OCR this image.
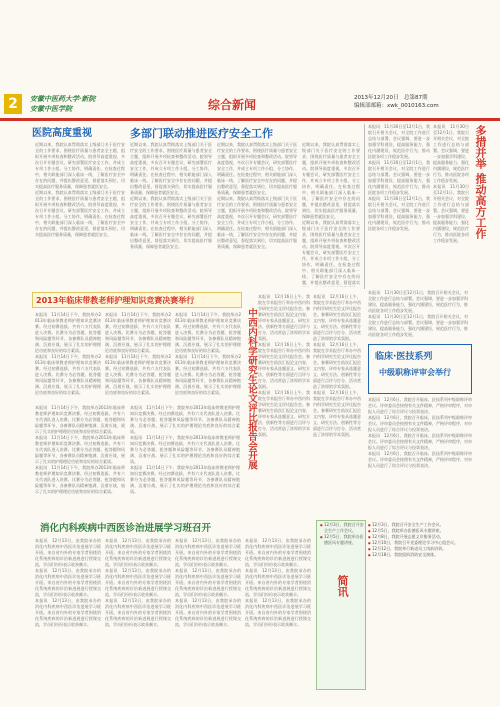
2	安徽中医药大学·新院
安徽中医学院	综合新闻	2013年12月20日　总第87期
编辑部邮箱：xwk_0010163.com
医院高度重视	多部门联动推进医疗安全工作
近期以来，我院认真贯彻落实上级部门关于医疗安全的工作要求，围绕医疗质量与患者安全主题，组织开展多项检查和整改活动。院领导高度重视，多次召开专题会议，研究部署医疗安全工作，并成立专项工作小组，分工协作，明确责任。在检查过程中，相关职能部门深入临床一线，了解医疗安全中存在的问题，并提出整改意见，督促落实到位，切实提高医疗服务质量，保障患者就医安全。
近期以来，我院认真贯彻落实上级部门关于医疗安全的工作要求，围绕医疗质量与患者安全主题，组织开展多项检查和整改活动。院领导高度重视，多次召开专题会议，研究部署医疗安全工作，并成立专项工作小组，分工协作，明确责任。在检查过程中，相关职能部门深入临床一线，了解医疗安全中存在的问题，并提出整改意见，督促落实到位，切实提高医疗服务质量，保障患者就医安全。
近期以来，我院认真贯彻落实上级部门关于医疗安全的工作要求，围绕医疗质量与患者安全主题，组织开展多项检查和整改活动。院领导高度重视，多次召开专题会议，研究部署医疗安全工作，并成立专项工作小组，分工协作，明确责任。在检查过程中，相关职能部门深入临床一线，了解医疗安全中存在的问题，并提出整改意见，督促落实到位，切实提高医疗服务质量，保障患者就医安全。
近期以来，我院认真贯彻落实上级部门关于医疗安全的工作要求，围绕医疗质量与患者安全主题，组织开展多项检查和整改活动。院领导高度重视，多次召开专题会议，研究部署医疗安全工作，并成立专项工作小组，分工协作，明确责任。在检查过程中，相关职能部门深入临床一线，了解医疗安全中存在的问题，并提出整改意见，督促落实到位，切实提高医疗服务质量，保障患者就医安全。
近期以来，我院认真贯彻落实上级部门关于医疗安全的工作要求，围绕医疗质量与患者安全主题，组织开展多项检查和整改活动。院领导高度重视，多次召开专题会议，研究部署医疗安全工作，并成立专项工作小组，分工协作，明确责任。在检查过程中，相关职能部门深入临床一线，了解医疗安全中存在的问题，并提出整改意见，督促落实到位，切实提高医疗服务质量，保障患者就医安全。
近期以来，我院认真贯彻落实上级部门关于医疗安全的工作要求，围绕医疗质量与患者安全主题，组织开展多项检查和整改活动。院领导高度重视，多次召开专题会议，研究部署医疗安全工作，并成立专项工作小组，分工协作，明确责任。在检查过程中，相关职能部门深入临床一线，了解医疗安全中存在的问题，并提出整改意见，督促落实到位，切实提高医疗服务质量，保障患者就医安全。
近期以来，我院认真贯彻落实上级部门关于医疗安全的工作要求，围绕医疗质量与患者安全主题，组织开展多项检查和整改活动。院领导高度重视，多次召开专题会议，研究部署医疗安全工作，并成立专项工作小组，分工协作，明确责任。在检查过程中，相关职能部门深入临床一线，了解医疗安全中存在的问题，并提出整改意见，督促落实到位，切实提高医疗服务质量，保障患者就医安全。
近期以来，我院认真贯彻落实上级部门关于医疗安全的工作要求，围绕医疗质量与患者安全主题，组织开展多项检查和整改活动。院领导高度重视，多次召开专题会议，研究部署医疗安全工作，并成立专项工作小组，分工协作，明确责任。在检查过程中，相关职能部门深入临床一线，了解医疗安全中存在的问题，并提出整改意见，督促落实
本报讯　11月30日至12月1日，我院召开相关会议，对全院工作进行总结与部署。会议强调，要进一步加强学科建设，提高服务能力，强化内涵建设，规范医疗行为，推动医院各项工作稳步发展。
本报讯　11月30日至12月1日，我院召开相关会议，对全院工作进行总结与部署。会议强调，要进一步加强学科建设，提高服务能力，强化内涵建设，规范医疗行为，推动医院各项工作稳步发展。
本报讯　11月30日至12月1日，我院召开相关会议，对全院工作进行总结与部署。会议强调，要进一步加强学科建设，提高服务能力，强化内涵建设，规范医疗行为，推动医院各项工作稳步发展。
本报讯　11月30日至12月1日，我院召开相关会议，对全院工作进行总结与部署。会议强调，要进一步加强学科建设，提高服务能力，强化内涵建设，规范医疗行为，推动医院各项工作稳步发展。
本报讯　11月30日至12月1日，我院召开相关会议，对全院工作进行总结与部署。会议强调，要进一步加强学科建设，提高服务能力，强化内涵建设，规范医疗行为，推动医院各项工作稳步发展。
多措并举 推动高方工作
2013年临床带教老师护理知识竞赛决赛举行
本报讯　11月14日下午，我院举办2013年临床带教老师护理知识竞赛决赛。经过初赛选拔，共有六支代表队进入决赛。比赛分为必答题、抢答题和风险题等环节，各参赛队员精神饱满、沉着应战，展示了扎实的护理理论功底和良好的综合素质。
本报讯　11月14日下午，我院举办2013年临床带教老师护理知识竞赛决赛。经过初赛选拔，共有六支代表队进入决赛。比赛分为必答题、抢答题和风险题等环节，各参赛队员精神饱满、沉着应战，展示了扎实的护理理论功底和良好的综合素质。
本报讯　11月14日下午，我院举办2013年临床带教老师护理知识竞赛决赛。经过初赛选拔，共有六支代表队进入决赛。比赛分为必答题、抢答题和风险题等环节，各参赛队员精神饱满、沉着应战，展示了扎实的护理理论功底和良好的综合素质。
本报讯　11月14日下午，我院举办2013年临床带教老师护理知识竞赛决赛。经过初赛选拔，共有六支代表队进入决赛。比赛分为必答题、抢答题和风险题等环节，各参赛队员精神饱满、沉着应战，展示了扎实的护理理论功底和良好的综合素质。
本报讯　11月14日下午，我院举办2013年临床带教老师护理知识竞赛决赛。经过初赛选拔，共有六支代表队进入决赛。比赛分为必答题、抢答题和风险题等环节，各参赛队员精神饱满、沉着应战，展示了扎实的护理理论功底和良好的综合素质。
本报讯　11月14日下午，我院举办2013年临床带教老师护理知识竞赛决赛。经过初赛选拔，共有六支代表队进入决赛。比赛分为必答题、抢答题和风险题等环节，各参赛队员精神饱满、沉着应战，展示了扎实的护理理论功底和良好的综合素质。
本报讯　11月14日下午，我院举办2013年临床带教老师护理知识竞赛决赛。经过初赛选拔，共有六支代表队进入决赛。比赛分为必答题、抢答题和风险题等环节，各参赛队员精神饱满、沉着应战，展示了扎实的护理理论功底和良好的综合素质。
本报讯　11月14日下午，我院举办2013年临床带教老师护理知识竞赛决赛。经过初赛选拔，共有六支代表队进入决赛。比赛分为必答题、抢答题和风险题等环节，各参赛队员精神饱满、沉着应战，展示了扎实的护理理论功底和良好的综合素质。
本报讯　11月14日下午，我院举办2013年临床带教老师护理知识竞赛决赛。经过初赛选拔，共有六支代表队进入决赛。比赛分为必答题、抢答题和风险题等环节，各参赛队员精神饱满、沉着应战，展示了扎实的护理理论功底和良好的综合素质。
本报讯　11月14日下午，我院举办2013年临床带教老师护理知识竞赛决赛。经过初赛选拔，共有六支代表队进入决赛。比赛分为必答题、抢答题和风险题等环节，各参赛队员精神饱满、沉着应战，展示了扎实的护理理论功底和良好的综合素质。
本报讯　11月14日下午，我院举办2013年临床带教老师护理知识竞赛决赛。经过初赛选拔，共有六支代表队进入决赛。比赛分为必答题、抢答题和风险题等环节，各参赛队员精神饱满、沉着应战，展示了扎实的护理理论功底和良好的综合素质。
本报讯　11月14日下午，我院举办2013年临床带教老师护理知识竞赛决赛。经过初赛选拔，共有六支代表队进入决赛。比赛分为必答题、抢答题和风险题等环节，各参赛队员精神饱满、沉着应战，展示了扎实的护理理论功底和良好的综合素质。
中西内科学研究生论文评比报告会开展
本报讯　12月16日上午，我院在学术报告厅举办中西内科学研究生论文评比报告会。参赛研究生依次汇报论文内容，评审专家从选题意义、研究方法、创新性等方面进行点评与打分，活动营造了浓厚的学术氛围。
本报讯　12月16日上午，我院在学术报告厅举办中西内科学研究生论文评比报告会。参赛研究生依次汇报论文内容，评审专家从选题意义、研究方法、创新性等方面进行点评与打分，活动营造了浓厚的学术氛围。
本报讯　12月16日上午，我院在学术报告厅举办中西内科学研究生论文评比报告会。参赛研究生依次汇报论文内容，评审专家从选题意义、研究方法、创新性等方面进行点评与打分，活动营造了浓厚的学术氛围。
本报讯　12月16日上午，我院在学术报告厅举办中西内科学研究生论文评比报告会。参赛研究生依次汇报论文内容，评审专家从选题意义、研究方法、创新性等方面进行点评与打分，活动营造了浓厚的学术氛围。
本报讯　12月16日上午，我院在学术报告厅举办中西内科学研究生论文评比报告会。参赛研究生依次汇报论文内容，评审专家从选题意义、研究方法、创新性等方面进行点评与打分，活动营造了浓厚的学术氛围。
本报讯　12月16日上午，我院在学术报告厅举办中西内科学研究生论文评比报告会。参赛研究生依次汇报论文内容，评审专家从选题意义、研究方法、创新性等方面进行点评与打分，活动营造了浓厚的学术氛围。
本报讯　11月30日至12月1日，我院召开相关会议，对全院工作进行总结与部署。会议强调，要进一步加强学科建设，提高服务能力，强化内涵建设，规范医疗行为，推动医院各项工作稳步发展。
本报讯　11月30日至12月1日，我院召开相关会议，对全院工作进行总结与部署。会议强调，要进一步加强学科建设，提高服务能力，强化内涵建设，规范医疗行为，推动医院各项工作稳步发展。
临床·医技系列
中级职称评审会举行
本报讯　12月6日，我院召开临床、医技系列中级职称评审会议。评审委员会按照有关文件精神，严格评审程序，对申报人员进行了综合评议与投票表决。
本报讯　12月6日，我院召开临床、医技系列中级职称评审会议。评审委员会按照有关文件精神，严格评审程序，对申报人员进行了综合评议与投票表决。
本报讯　12月6日，我院召开临床、医技系列中级职称评审会议。评审委员会按照有关文件精神，严格评审程序，对申报人员进行了综合评议与投票表决。
本报讯　12月6日，我院召开临床、医技系列中级职称评审会议。评审委员会按照有关文件精神，严格评审程序，对申报人员进行了综合评议与投票表决。
消化内科疾病中西医诊治进展学习班召开
本报讯　12月13日，由我院承办的消化内科疾病中西医诊治进展学习班开班。来自省内外的专家学者围绕消化系统疾病的诊治新进展进行授课交流，学员们纷纷表示收获颇丰。
本报讯　12月13日，由我院承办的消化内科疾病中西医诊治进展学习班开班。来自省内外的专家学者围绕消化系统疾病的诊治新进展进行授课交流，学员们纷纷表示收获颇丰。
本报讯　12月13日，由我院承办的消化内科疾病中西医诊治进展学习班开班。来自省内外的专家学者围绕消化系统疾病的诊治新进展进行授课交流，学员们纷纷表示收获颇丰。
本报讯　12月13日，由我院承办的消化内科疾病中西医诊治进展学习班开班。来自省内外的专家学者围绕消化系统疾病的诊治新进展进行授课交流，学员们纷纷表示收获颇丰。
本报讯　12月13日，由我院承办的消化内科疾病中西医诊治进展学习班开班。来自省内外的专家学者围绕消化系统疾病的诊治新进展进行授课交流，学员们纷纷表示收获颇丰。
本报讯　12月13日，由我院承办的消化内科疾病中西医诊治进展学习班开班。来自省内外的专家学者围绕消化系统疾病的诊治新进展进行授课交流，学员们纷纷表示收获颇丰。
本报讯　12月13日，由我院承办的消化内科疾病中西医诊治进展学习班开班。来自省内外的专家学者围绕消化系统疾病的诊治新进展进行授课交流，学员们纷纷表示收获颇丰。
本报讯　12月13日，由我院承办的消化内科疾病中西医诊治进展学习班开班。来自省内外的专家学者围绕消化系统疾病的诊治新进展进行授课交流，学员们纷纷表示收获颇丰。
本报讯　12月13日，由我院承办的消化内科疾病中西医诊治进展学习班开班。来自省内外的专家学者围绕消化系统疾病的诊治新进展进行授课交流，学员们纷纷表示收获颇丰。
本报讯　12月13日，由我院承办的消化内科疾病中西医诊治进展学习班开班。来自省内外的专家学者围绕消化系统疾病的诊治新进展进行授课交流，学员们纷纷表示收获颇丰。
本报讯　12月13日，由我院承办的消化内科疾病中西医诊治进展学习班开班。来自省内外的专家学者围绕消化系统疾病的诊治新进展进行授课交流，学员们纷纷表示收获颇丰。
本报讯　12月13日，由我院承办的消化内科疾病中西医诊治进展学习班开班。来自省内外的专家学者围绕消化系统疾病的诊治新进展进行授课交流，学员们纷纷表示收获颇丰。
简讯
● 12月3日，我院召开安全生产工作会议。
● 12月5日，我院举办医德医风专题讲座。
● 12月8日，我院开展志愿义诊服务活动。
● 12月10日，我院召开党委理论学习中心组会议。
● 12月12日，我院举行新进员工岗前培训。
● 12月18日，我院组织消防安全演练。
● 12月3日，我院召开安全生产工作会议。
● 12月5日，我院举办医德医风专题讲座。
